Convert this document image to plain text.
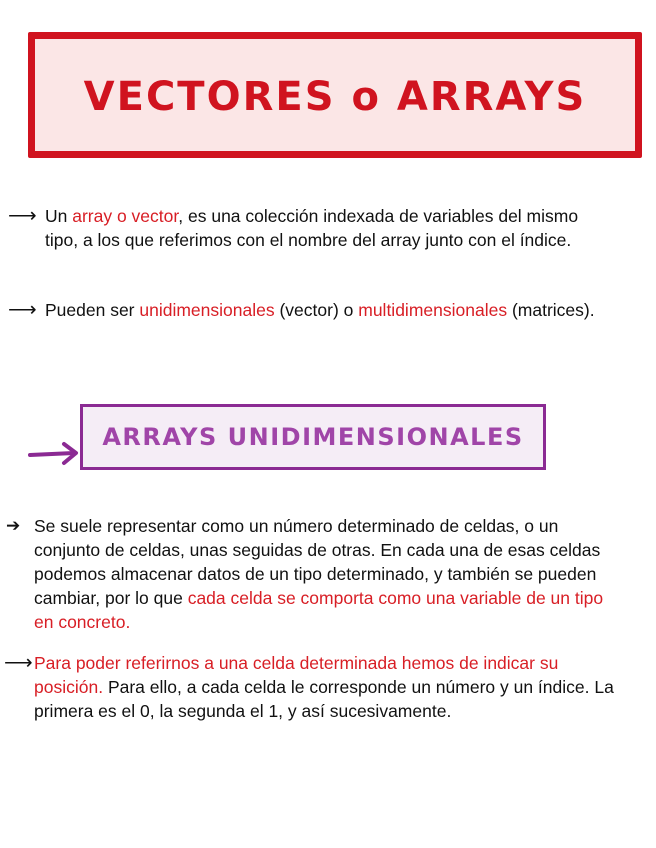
VECTORES o ARRAYS
⟶ Un array o vector, es una colección indexada de variables del mismo tipo, a los que referimos con el nombre del array junto con el índice.

⟶ Pueden ser unidimensionales (vector) o multidimensionales (matrices).

ARRAYS UNIDIMENSIONALES
➔ Se suele representar como un número determinado de celdas, o un conjunto de celdas, unas seguidas de otras. En cada una de esas celdas podemos almacenar datos de un tipo determinado, y también se pueden cambiar, por lo que cada celda se comporta como una variable de un tipo en concreto.

⟶ Para poder referirnos a una celda determinada hemos de indicar su posición. Para ello, a cada celda le corresponde un número y un índice. La primera es el 0, la segunda el 1, y así sucesivamente.
